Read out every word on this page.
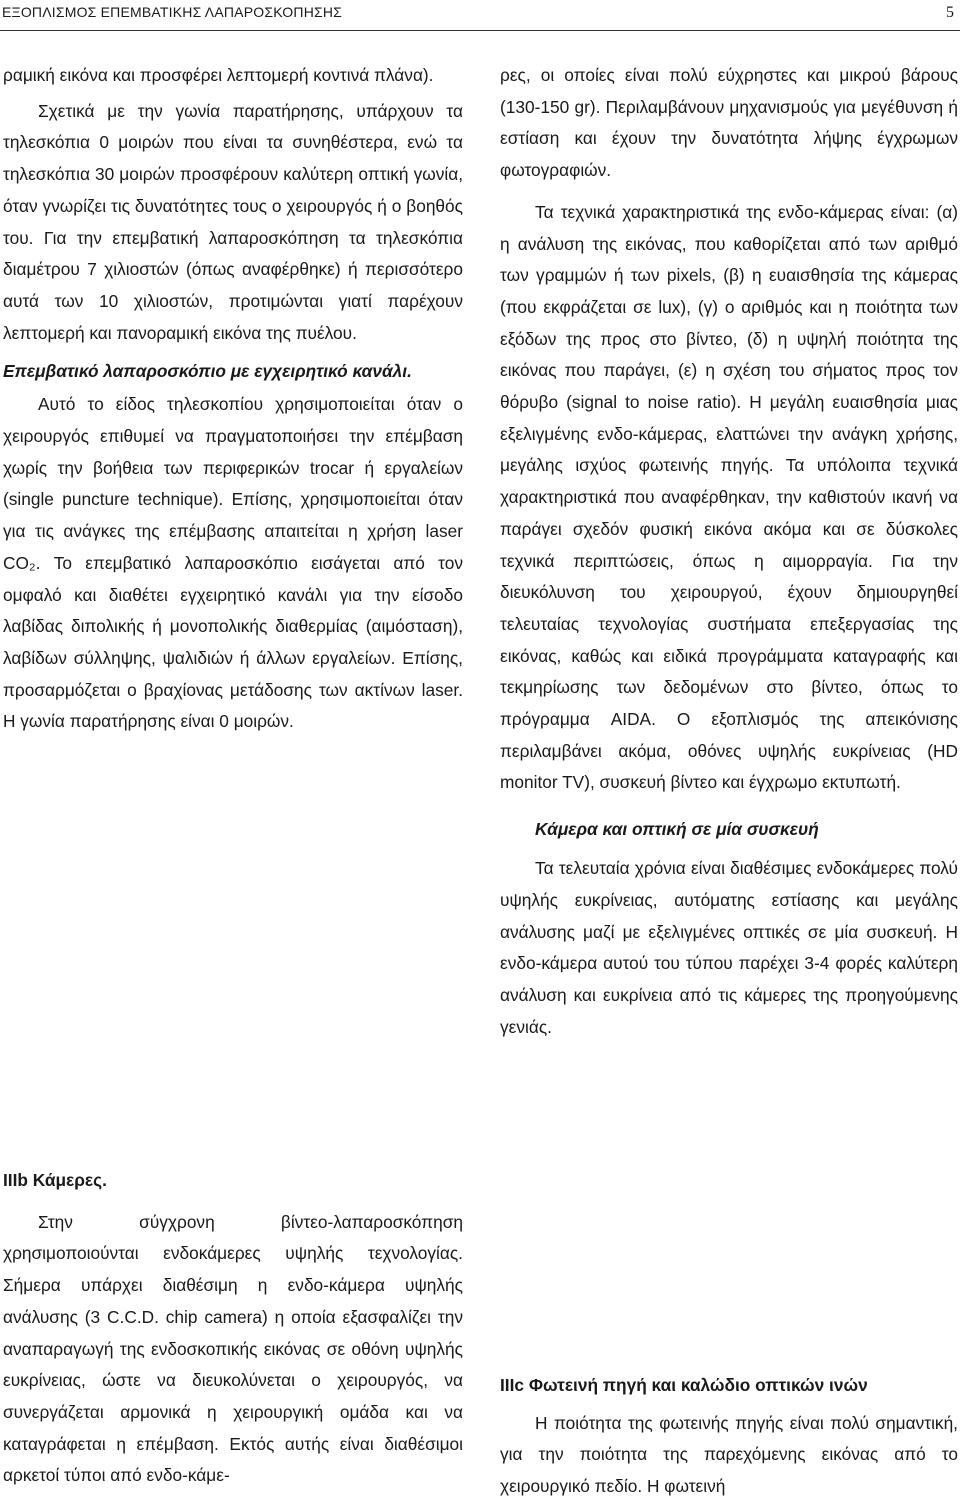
ΕΞΟΠΛΙΣΜΟΣ ΕΠΕΜΒΑΤΙΚΗΣ ΛΑΠΑΡΟΣΚΟΠΗΣΗΣ	5

ραμική εικόνα και προσφέρει λεπτομερή κοντινά πλάνα).

Σχετικά με την γωνία παρατήρησης, υπάρχουν τα τηλεσκόπια 0 μοιρών που είναι τα συνηθέστερα, ενώ τα τηλεσκόπια 30 μοιρών προσφέρουν καλύτερη οπτική γωνία, όταν γνωρίζει τις δυνατότητες τους ο χειρουργός ή ο βοηθός του. Για την επεμβατική λαπαροσκόπηση τα τηλεσκόπια διαμέτρου 7 χιλιοστών (όπως αναφέρθηκε) ή περισσότερο αυτά των 10 χιλιοστών, προτιμώνται γιατί παρέχουν λεπτομερή και πανοραμική εικόνα της πυέλου.

Επεμβατικό λαπαροσκόπιο με εγχειρητικό κανάλι.

Αυτό το είδος τηλεσκοπίου χρησιμοποιείται όταν ο χειρουργός επιθυμεί να πραγματοποιήσει την επέμβαση χωρίς την βοήθεια των περιφερικών trocar ή εργαλείων (single puncture technique). Επίσης, χρησιμοποιείται όταν για τις ανάγκες της επέμβασης απαιτείται η χρήση laser CO₂. Το επεμβατικό λαπαροσκόπιο εισάγεται από τον ομφαλό και διαθέτει εγχειρητικό κανάλι για την είσοδο λαβίδας διπολικής ή μονοπολικής διαθερμίας (αιμόσταση), λαβίδων σύλληψης, ψαλιδιών ή άλλων εργαλείων. Επίσης, προσαρμόζεται ο βραχίονας μετάδοσης των ακτίνων laser. Η γωνία παρατήρησης είναι 0 μοιρών.

ρες, οι οποίες είναι πολύ εύχρηστες και μικρού βάρους (130-150 gr). Περιλαμβάνουν μηχανισμούς για μεγέθυνση ή εστίαση και έχουν την δυνατότητα λήψης έγχρωμων φωτογραφιών.

Τα τεχνικά χαρακτηριστικά της ενδο-κάμερας είναι: (α) η ανάλυση της εικόνας, που καθορίζεται από των αριθμό των γραμμών ή των pixels, (β) η ευαισθησία της κάμερας (που εκφράζεται σε lux), (γ) ο αριθμός και η ποιότητα των εξόδων της προς στο βίντεο, (δ) η υψηλή ποιότητα της εικόνας που παράγει, (ε) η σχέση του σήματος προς τον θόρυβο (signal to noise ratio). Η μεγάλη ευαισθησία μιας εξελιγμένης ενδο-κάμερας, ελαττώνει την ανάγκη χρήσης, μεγάλης ισχύος φωτεινής πηγής. Τα υπόλοιπα τεχνικά χαρακτηριστικά που αναφέρθηκαν, την καθιστούν ικανή να παράγει σχεδόν φυσική εικόνα ακόμα και σε δύσκολες τεχνικά περιπτώσεις, όπως η αιμορραγία. Για την διευκόλυνση του χειρουργού, έχουν δημιουργηθεί τελευταίας τεχνολογίας συστήματα επεξεργασίας της εικόνας, καθώς και ειδικά προγράμματα καταγραφής και τεκμηρίωσης των δεδομένων στο βίντεο, όπως το πρόγραμμα AIDA. Ο εξοπλισμός της απεικόνισης περιλαμβάνει ακόμα, οθόνες υψηλής ευκρίνειας (HD monitor TV), συσκευή βίντεο και έγχρωμο εκτυπωτή.

Κάμερα και οπτική σε μία συσκευή

Τα τελευταία χρόνια είναι διαθέσιμες ενδοκάμερες πολύ υψηλής ευκρίνειας, αυτόματης εστίασης και μεγάλης ανάλυσης μαζί με εξελιγμένες οπτικές σε μία συσκευή. Η ενδο-κάμερα αυτού του τύπου παρέχει 3-4 φορές καλύτερη ανάλυση και ευκρίνεια από τις κάμερες της προηγούμενης γενιάς.

IIIb Κάμερες.

Στην σύγχρονη βίντεο-λαπαροσκόπηση χρησιμοποιούνται ενδοκάμερες υψηλής τεχνολογίας. Σήμερα υπάρχει διαθέσιμη η ενδο-κάμερα υψηλής ανάλυσης (3 C.C.D. chip camera) η οποία εξασφαλίζει την αναπαραγωγή της ενδοσκοπικής εικόνας σε οθόνη υψηλής ευκρίνειας, ώστε να διευκολύνεται ο χειρουργός, να συνεργάζεται αρμονικά η χειρουργική ομάδα και να καταγράφεται η επέμβαση. Εκτός αυτής είναι διαθέσιμοι αρκετοί τύποι από ενδο-κάμε-

IIIc Φωτεινή πηγή και καλώδιο οπτικών ινών

Η ποιότητα της φωτεινής πηγής είναι πολύ σημαντική, για την ποιότητα της παρεχόμενης εικόνας από το χειρουργικό πεδίο. Η φωτεινή
